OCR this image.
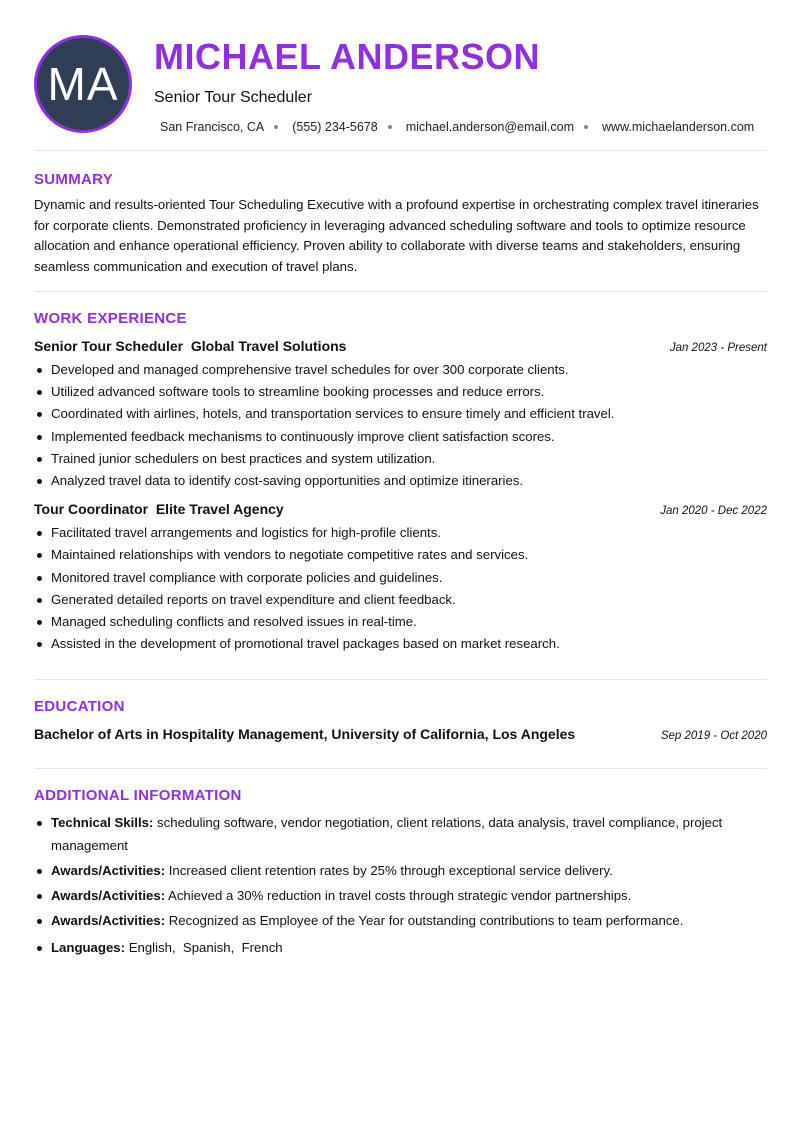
MA
MICHAEL ANDERSON
Senior Tour Scheduler
San Francisco, CA (555) 234-5678 michael.anderson@email.com www.michaelanderson.com
SUMMARY

Dynamic and results-oriented Tour Scheduling Executive with a profound expertise in orchestrating complex travel itineraries for corporate clients. Demonstrated proficiency in leveraging advanced scheduling software and tools to optimize resource allocation and enhance operational efficiency. Proven ability to collaborate with diverse teams and stakeholders, ensuring seamless communication and execution of travel plans.

WORK EXPERIENCE
Senior Tour Scheduler  Global Travel Solutions	Jan 2023 - Present
Developed and managed comprehensive travel schedules for over 300 corporate clients.
Utilized advanced software tools to streamline booking processes and reduce errors.
Coordinated with airlines, hotels, and transportation services to ensure timely and efficient travel.
Implemented feedback mechanisms to continuously improve client satisfaction scores.
Trained junior schedulers on best practices and system utilization.
Analyzed travel data to identify cost-saving opportunities and optimize itineraries.
Tour Coordinator  Elite Travel Agency	Jan 2020 - Dec 2022
Facilitated travel arrangements and logistics for high-profile clients.
Maintained relationships with vendors to negotiate competitive rates and services.
Monitored travel compliance with corporate policies and guidelines.
Generated detailed reports on travel expenditure and client feedback.
Managed scheduling conflicts and resolved issues in real-time.
Assisted in the development of promotional travel packages based on market research.
EDUCATION
Bachelor of Arts in Hospitality Management, University of California, Los Angeles	Sep 2019 - Oct 2020
ADDITIONAL INFORMATION
Technical Skills: scheduling software, vendor negotiation, client relations, data analysis, travel compliance, project management
Awards/Activities: Increased client retention rates by 25% through exceptional service delivery.
Awards/Activities: Achieved a 30% reduction in travel costs through strategic vendor partnerships.
Awards/Activities: Recognized as Employee of the Year for outstanding contributions to team performance.
Languages: English,  Spanish,  French
